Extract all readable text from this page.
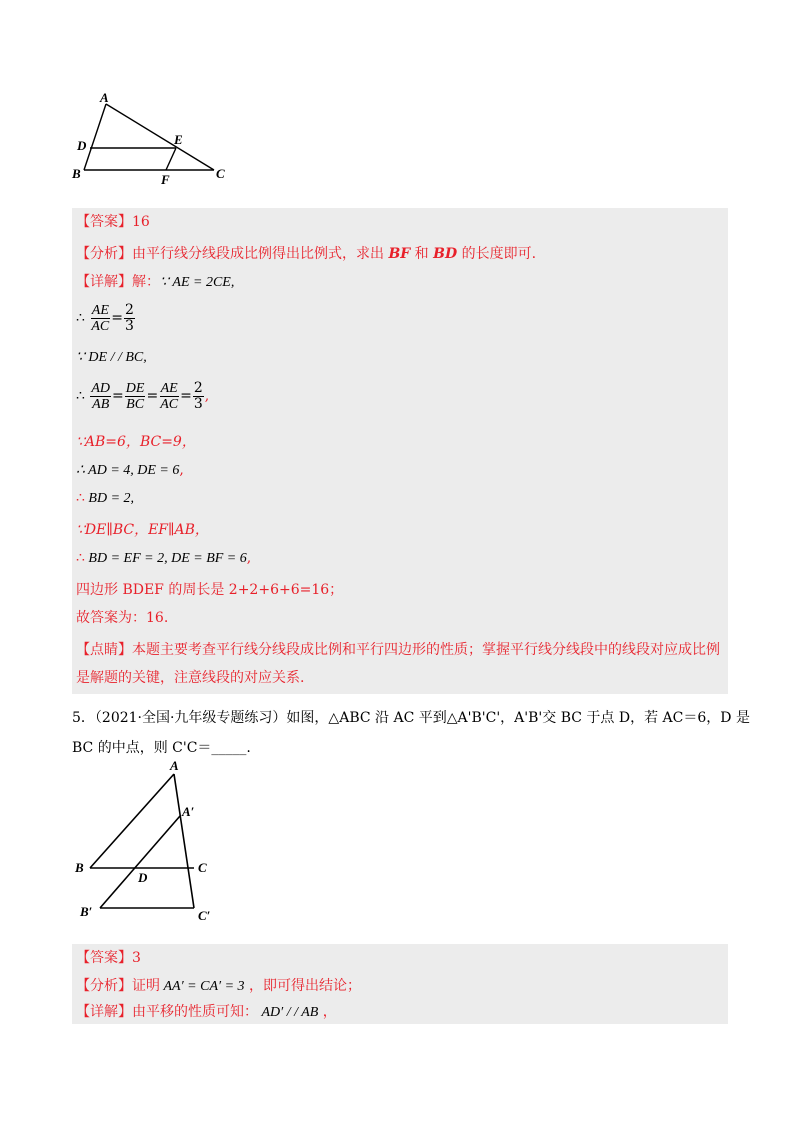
A
D	E
B	F	C
【答案】16
【分析】由平行线分线段成比例得出比例式，求出 BF 和 BD 的长度即可.
【详解】解：∵ AE = 2CE,
∴ $\frac{AE}{AC} = \frac{2}{3}$
∵ DE / / BC,
∴ $\frac{AD}{AB} = \frac{DE}{BC} = \frac{AE}{AC} = \frac{2}{3}$ ,
∵AB=6，BC=9，
∴ AD = 4, DE = 6,
∴ BD = 2,
∵DE∥BC，EF∥AB，
∴ BD = EF = 2, DE = BF = 6,
四边形 BDEF 的周长是 2+2+6+6=16；
故答案为：16.
【点睛】本题主要考查平行线分线段成比例和平行四边形的性质；掌握平行线分线段中的线段对应成比例
是解题的关键，注意线段的对应关系.
5．（2021·全国·九年级专题练习）如图，△ABC 沿 AC 平到△A'B'C'，A'B'交 BC 于点 D，若 AC＝6，D 是
BC 的中点，则 C'C＝_____.
A
A′
B
D
C
B′	C′
【答案】3
【分析】证明 AA′ = CA′ = 3 ，即可得出结论；
【详解】由平移的性质可知： AD′ / / AB ，
